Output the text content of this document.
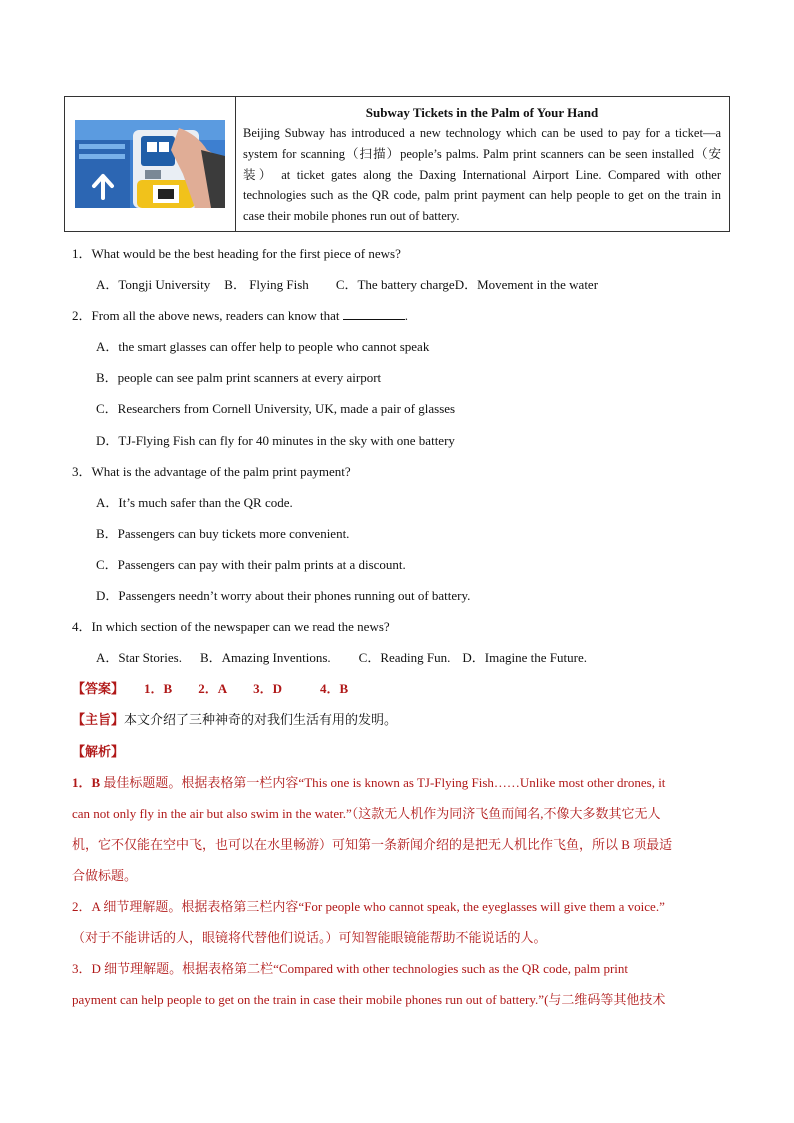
Subway Tickets in the Palm of Your Hand
Beijing Subway has introduced a new technology which can be used to pay for a ticket—a system for scanning（扫描）people’s palms. Palm print scanners can be seen installed（安装） at ticket gates along the Daxing International Airport Line. Compared with other technologies such as the QR code, palm print payment can help people to get on the train in case their mobile phones run out of battery.
1．What would be the best heading for the first piece of news?
A．Tongji University B． Flying Fish C．The battery chargeD．Movement in the water
2．From all the above news, readers can know that	.
A．the smart glasses can offer help to people who cannot speak
B．people can see palm print scanners at every airport
C．Researchers from Cornell University, UK, made a pair of glasses
D．TJ-Flying Fish can fly for 40 minutes in the sky with one battery
3．What is the advantage of the palm print payment?
A．It’s much safer than the QR code.
B．Passengers can buy tickets more convenient.
C．Passengers can pay with their palm prints at a discount.
D．Passengers needn’t worry about their phones running out of battery.
4．In which section of the newspaper can we read the news?
A．Star Stories. B．Amazing Inventions. C．Reading Fun. D．Imagine the Future.
【答案】 1．B 2．A 3．D	4．B
【主旨】本文介绍了三种神奇的对我们生活有用的发明。
【解析】
1．B 最佳标题题。根据表格第一栏内容“This one is known as TJ-Flying Fish……Unlike most other drones, it
can not only fly in the air but also swim in the water.”（这款无人机作为同济飞鱼而闻名,不像大多数其它无人
机，它不仅能在空中飞，也可以在水里畅游）可知第一条新闻介绍的是把无人机比作飞鱼，所以 B 项最适
合做标题。
2．A 细节理解题。根据表格第三栏内容“For people who cannot speak, the eyeglasses will give them a voice.”
（对于不能讲话的人，眼镜将代替他们说话。）可知智能眼镜能帮助不能说话的人。
3．D 细节理解题。根据表格第二栏“Compared with other technologies such as the QR code, palm print
payment can help people to get on the train in case their mobile phones run out of battery.”(与二维码等其他技术
